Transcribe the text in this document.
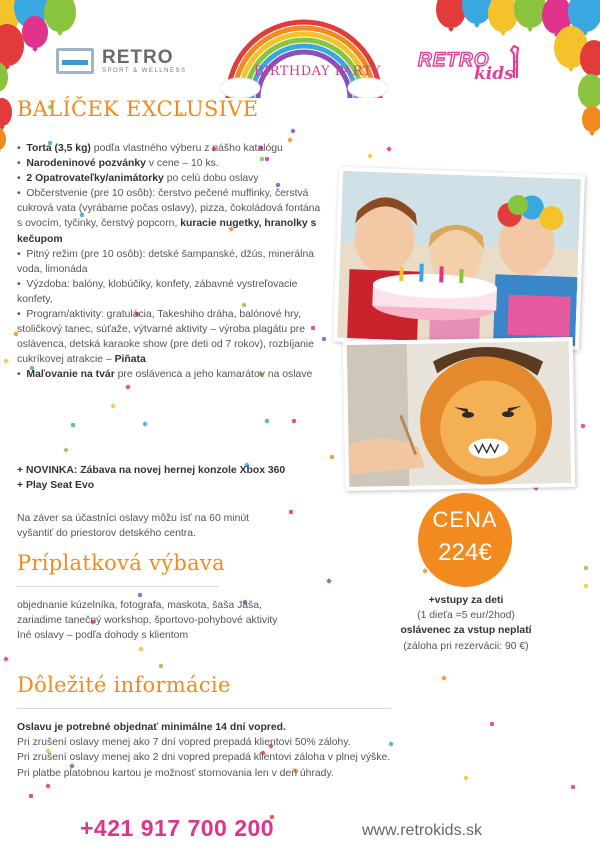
RETRO
SPORT & WELLNESS	BIRTHDAY PARTY
RETRO
kids
BALÍČEK EXCLUSIVE

•  Torta (3,5 kg) podľa vlastného výberu z nášho katalógu

•  Narodeninové pozvánky v cene – 10 ks.

•  2 Opatrovateľky/animátorky po celú dobu oslavy

•  Občerstvenie (pre 10 osôb): čerstvo pečené muffinky, čerstvá cukrová vata (vyrábame počas oslavy), pizza, čokoládová fontána s ovocím, tyčinky, čerstvý popcorn, kuracie nugetky, hranolky s kečupom

•  Pitný režim (pre 10 osôb): detské šampanské, džús, minerálna voda, limonáda

•  Výzdoba: balóny, klobúčiky, konfety, zábavné vystreľovacie konfety,

•  Program/aktivity: gratulácia, Takeshiho dráha, balónové hry, stoličkový tanec, súťaže, výtvarné aktivity – výroba plagátu pre oslávenca, detská karaoke show (pre deti od 7 rokov), rozbíjanie cukríkovej atrakcie – Piňata

•  Maľovanie na tvár pre oslávenca a jeho kamarátov na oslave

+ NOVINKA: Zábava na novej hernej konzole Xbox 360
+ Play Seat Evo
Na záver sa účastníci oslavy môžu ísť na 60 minút vyšantiť do priestorov detského centra.
Príplatková výbava
objednanie kúzelníka, fotografa, maskota, šaša Jaša,
zariadime tanečný workshop, športovo-pohybové aktivity
Iné oslavy – podľa dohody s klientom
Dôležité informácie
Oslavu je potrebné objednať minimálne 14 dní vopred.
Pri zrušení oslavy menej ako 7 dní vopred prepadá klientovi 50% zálohy.
Pri zrušení oslavy menej ako 2 dni vopred prepadá klientovi záloha v plnej výške.
Pri platbe platobnou kartou je možnosť stornovania len v deň úhrady.
CENA
224€
+vstupy za deti
(1 dieťa =5 eur/2hod)
oslávenec za vstup neplatí
(záloha pri rezervácii: 90 €)
+421 917 700 200	www.retrokids.sk
